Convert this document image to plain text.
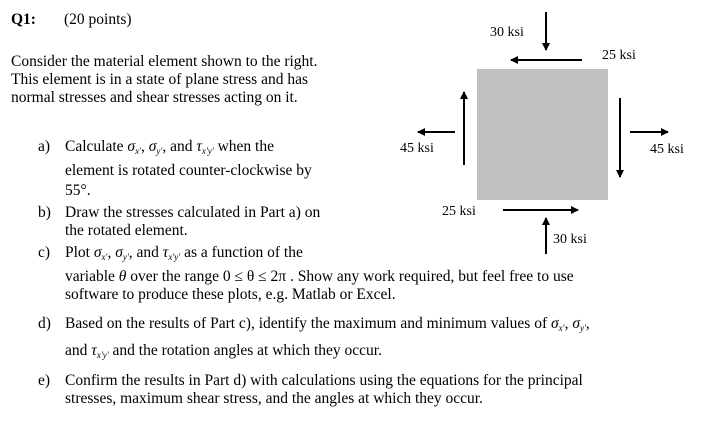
Q1: (20 points)
Consider the material element shown to the right.
This element is in a state of plane stress and has
normal stresses and shear stresses acting on it.
a) Calculate $\sigma_{x'}$, $\sigma_{y'}$, and $\tau_{x'y'}$ when the
element is rotated counter-clockwise by
55°.
b) Draw the stresses calculated in Part a) on
the rotated element.
c) Plot $\sigma_{x'}$, $\sigma_{y'}$, and $\tau_{x'y'}$ as a function of the
variable θ over the range 0 ≤ θ ≤ 2π . Show any work required, but feel free to use
software to produce these plots, e.g. Matlab or Excel.
d) Based on the results of Part c), identify the maximum and minimum values of $\sigma_{x'}$, $\sigma_{y'}$,
and $\tau_{x'y'}$ and the rotation angles at which they occur.
e) Confirm the results in Part d) with calculations using the equations for the principal
stresses, maximum shear stress, and the angles at which they occur.
30 ksi
25 ksi
45 ksi	45 ksi
25 ksi
30 ksi
